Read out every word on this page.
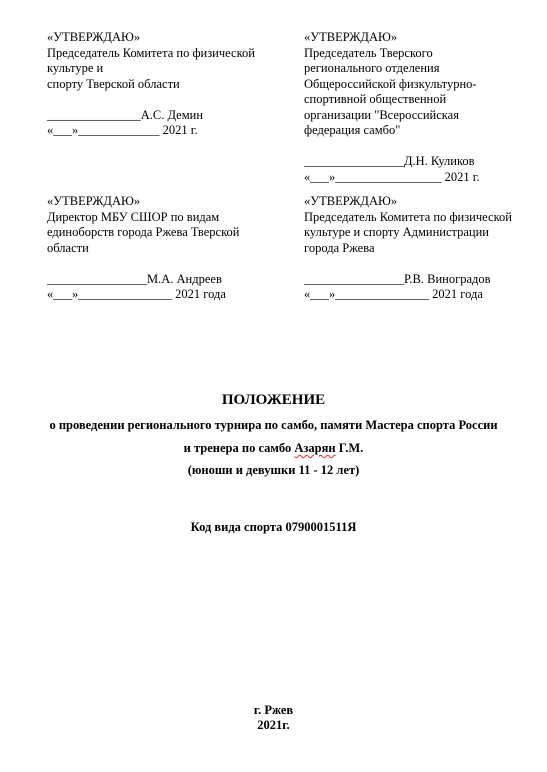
«УТВЕРЖДАЮ»
Председатель Комитета по физической
культуре и
спорту Тверской области
_______________А.С. Демин
«___»_____________ 2021 г.
«УТВЕРЖДАЮ»
Председатель Тверского
регионального отделения
Общероссийской физкультурно-
спортивной общественной
организации "Всероссийская
федерация самбо"
________________Д.Н. Куликов
«___»_________________ 2021 г.
«УТВЕРЖДАЮ»
Директор МБУ СШОР по видам
единоборств города Ржева Тверской
области
________________М.А. Андреев
«___»_______________ 2021 года
«УТВЕРЖДАЮ»
Председатель Комитета по физической
культуре и спорту Администрации
города Ржева
________________Р.В. Виноградов
«___»_______________ 2021 года
ПОЛОЖЕНИЕ
о проведении регионального турнира по самбо, памяти Мастера спорта России
и тренера по самбо Азарян Г.М.
(юноши и девушки 11 - 12 лет)
Код вида спорта 0790001511Я
г. Ржев
2021г.
